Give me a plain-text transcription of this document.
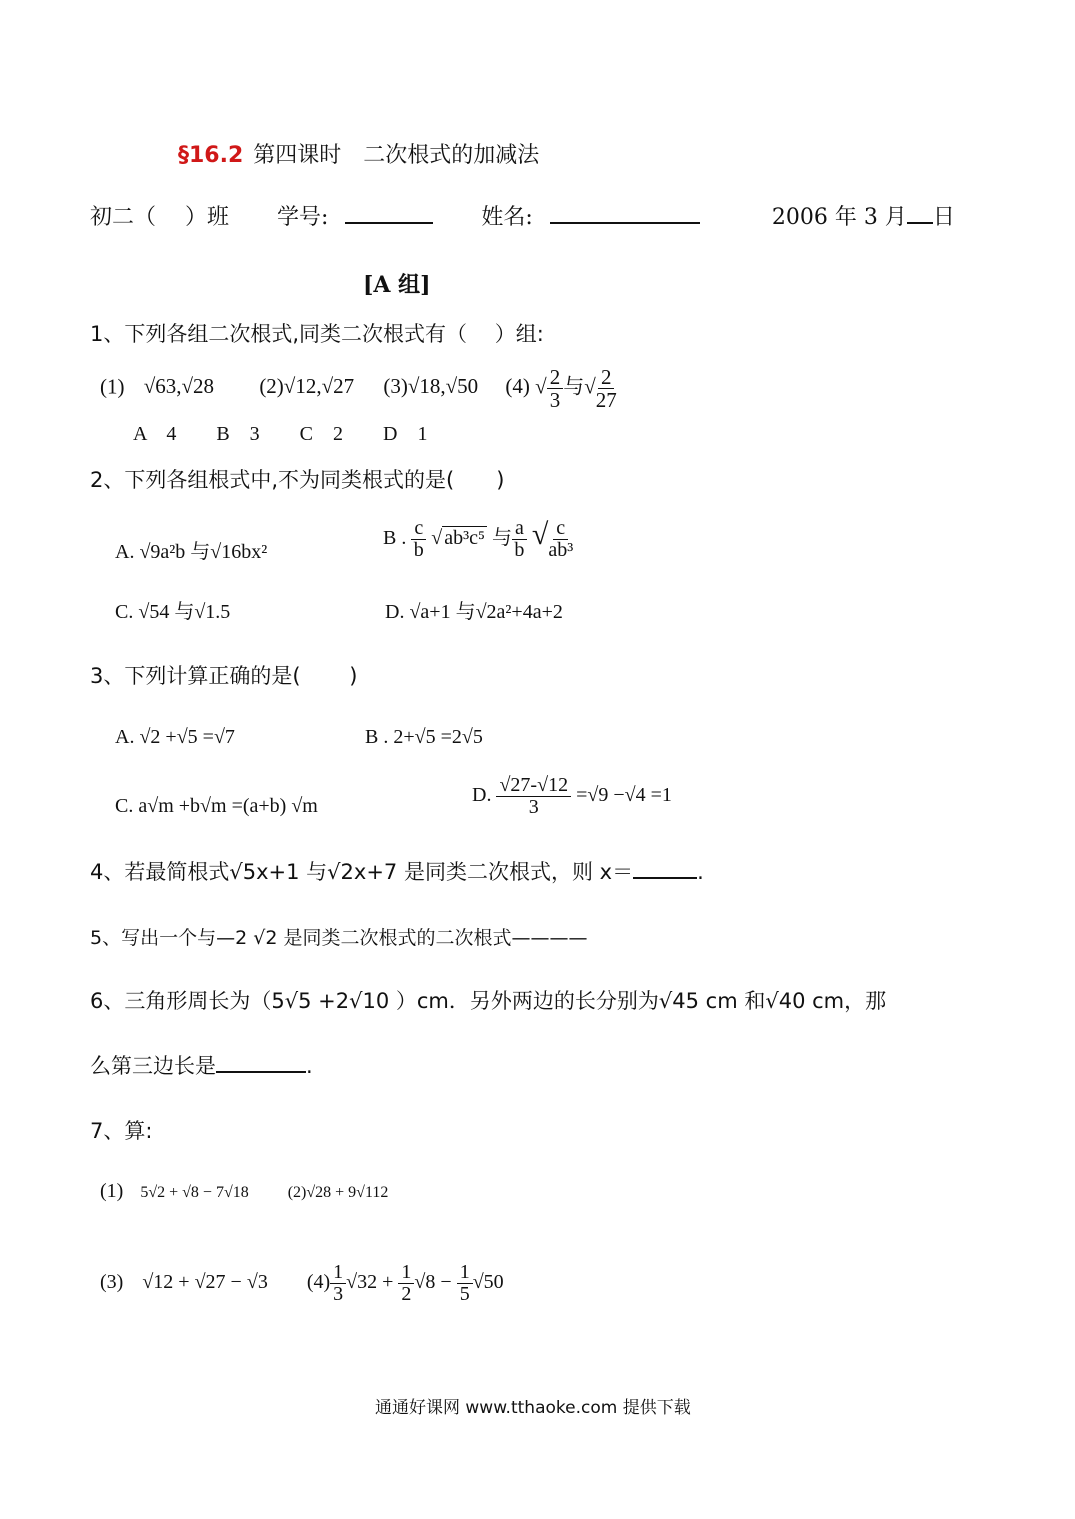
§16.2 第四课时　二次根式的加减法
初二（　 ）班 学号:	姓名:	2006 年 3 月 日
[A 组]
1、下列各组二次根式,同类二次根式有（　 ）组:
(1) √63,√28 (2)√12,√27 (3)√18,√50 (4) √ $\frac{2}{3}$ 与√ $\frac{2}{27}$
A　4　　B　3　　C　2　　D　1
2、下列各组根式中,不为同类根式的是(　　)
A. √9a²b 与√16bx²
B . $\frac{c}{b}$ √ ab³c⁵ 与 $\frac{a}{b}$ √ $\frac{c}{\text{ab³}}$
C. √54 与√1.5	D. √a+1 与√2a²+4a+2
3、下列计算正确的是(　　 )
A. √2 +√5 =√7	B . 2+√5 =2√5
C. a√m +b√m =(a+b) √m	D. $\frac{√27-√12}{3} =√9 -√4 =1$
4、若最简根式√5x+1 与√2x+7 是同类二次根式，则 x＝	.
5、写出一个与—2 √2 是同类二次根式的二次根式————
6、三角形周长为（5√5 +2√10 ）cm．另外两边的长分别为√45 cm 和√40 cm，那
么第三边长是	.
7、算:
(1) 5√2 + √8 − 7√18 (2)√28 + 9√112
(3) √12 + √27 − √3 $(4) \frac{1}{3} √32 + \frac{1}{2} √8 - \frac{1}{5} √50$
通通好课网 www.tthaoke.com 提供下载
